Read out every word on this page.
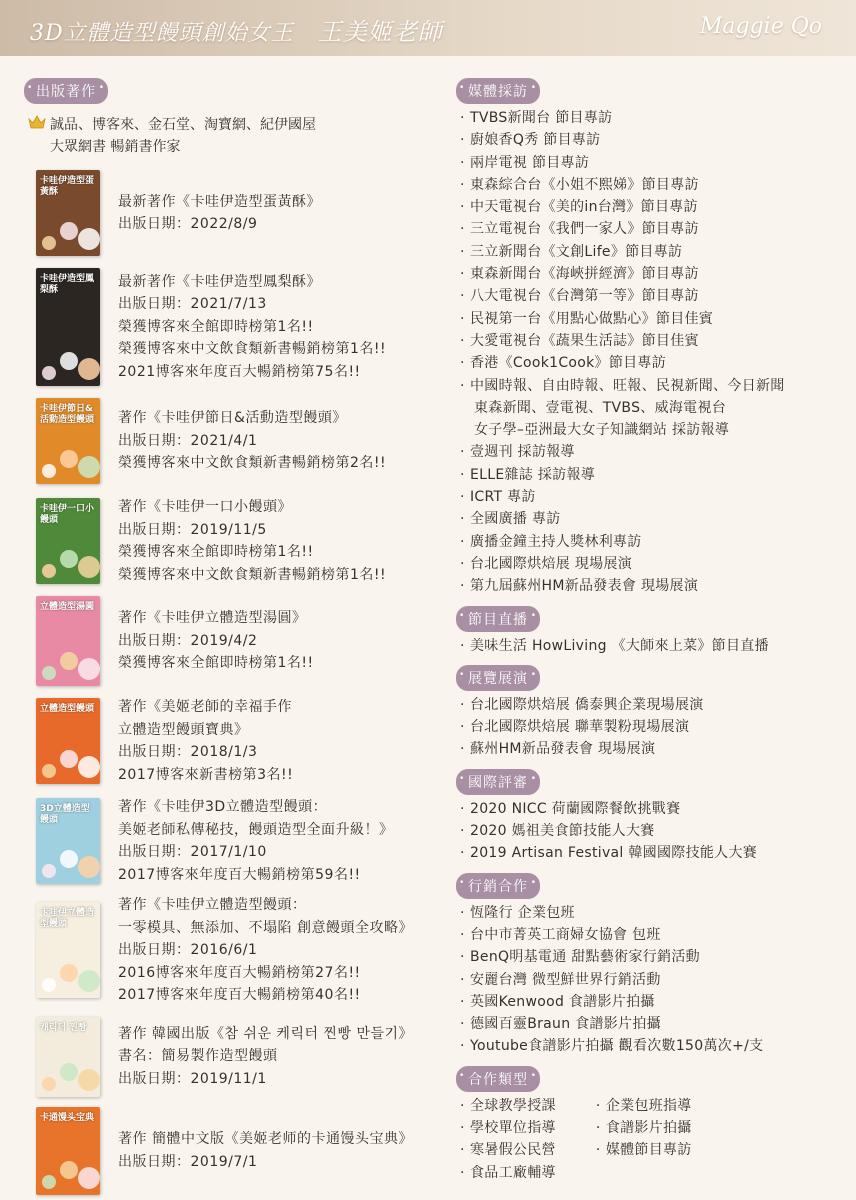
3D立體造型饅頭創始女王 王美姬老師	Maggie Qo
• 出版著作 •
誠品、博客來、金石堂、淘寶網、紀伊國屋
大眾網書 暢銷書作家
卡哇伊造型蛋黃酥
最新著作《卡哇伊造型蛋黃酥》
出版日期：2022/8/9
卡哇伊造型鳳梨酥
最新著作《卡哇伊造型鳳梨酥》
出版日期：2021/7/13
榮獲博客來全館即時榜第1名!!
榮獲博客來中文飲食類新書暢銷榜第1名!!
2021博客來年度百大暢銷榜第75名!!
卡哇伊節日&活動造型饅頭 著作《卡哇伊節日&活動造型饅頭》
出版日期：2021/4/1
榮獲博客來中文飲食類新書暢銷榜第2名!!
卡哇伊一口小饅頭
著作《卡哇伊一口小饅頭》
出版日期：2019/11/5
榮獲博客來全館即時榜第1名!!
榮獲博客來中文飲食類新書暢銷榜第1名!!
立體造型湯圓
著作《卡哇伊立體造型湯圓》
出版日期：2019/4/2
榮獲博客來全館即時榜第1名!!
立體造型饅頭 著作《美姬老師的幸福手作
立體造型饅頭寶典》
出版日期：2018/1/3
2017博客來新書榜第3名!!
3D立體造型饅頭
著作《卡哇伊3D立體造型饅頭：
美姬老師私傳秘技，饅頭造型全面升級！》
出版日期：2017/1/10
2017博客來年度百大暢銷榜第59名!!
卡哇伊立體造型饅頭
著作《卡哇伊立體造型饅頭：
一零模具、無添加、不塌陷 創意饅頭全攻略》
出版日期：2016/6/1
2016博客來年度百大暢銷榜第27名!!
2017博客來年度百大暢銷榜第40名!!
캐릭터 찐빵	著作 韓國出版《참 쉬운 케릭터 찐빵 만들기》
書名：簡易製作造型饅頭
出版日期：2019/11/1
卡通馒头宝典
著作 簡體中文版《美姬老师的卡通馒头宝典》
出版日期：2019/7/1
• 媒體採訪 •
· TVBS新聞台 節目專訪
· 廚娘香Q秀 節目專訪
· 兩岸電視 節目專訪
· 東森綜合台《小姐不熙娣》節目專訪
· 中天電視台《美的in台灣》節目專訪
· 三立電視台《我們一家人》節目專訪
· 三立新聞台《文創Life》節目專訪
· 東森新聞台《海峽拼經濟》節目專訪
· 八大電視台《台灣第一等》節目專訪
· 民視第一台《用點心做點心》節目佳賓
· 大愛電視台《蔬果生活誌》節目佳賓
· 香港《Cook1Cook》節目專訪
· 中國時報、自由時報、旺報、民視新聞、今日新聞
東森新聞、壹電視、TVBS、威海電視台
女子學–亞洲最大女子知識網站 採訪報導
· 壹週刊 採訪報導
· ELLE雜誌 採訪報導
· ICRT 專訪
· 全國廣播 專訪
· 廣播金鐘主持人獎林利專訪
· 台北國際烘焙展 現場展演
· 第九屆蘇州HM新品發表會 現場展演
• 節目直播 •
· 美味生活 HowLiving 《大師來上菜》節目直播
• 展覽展演 •
· 台北國際烘焙展 僑泰興企業現場展演
· 台北國際烘焙展 聯華製粉現場展演
· 蘇州HM新品發表會 現場展演
• 國際評審 •
· 2020 NICC 荷蘭國際餐飲挑戰賽
· 2020 媽祖美食節技能人大賽
· 2019 Artisan Festival 韓國國際技能人大賽
• 行銷合作 •
· 恆隆行 企業包班
· 台中市菁英工商婦女協會 包班
· BenQ明基電通 甜點藝術家行銷活動
· 安麗台灣 微型鮮世界行銷活動
· 英國Kenwood 食譜影片拍攝
· 德國百靈Braun 食譜影片拍攝
· Youtube食譜影片拍攝 觀看次數150萬次+/支
• 合作類型 •
· 全球教學授課
· 學校單位指導
· 寒暑假公民營
· 食品工廠輔導
· 企業包班指導
· 食譜影片拍攝
· 媒體節目專訪
